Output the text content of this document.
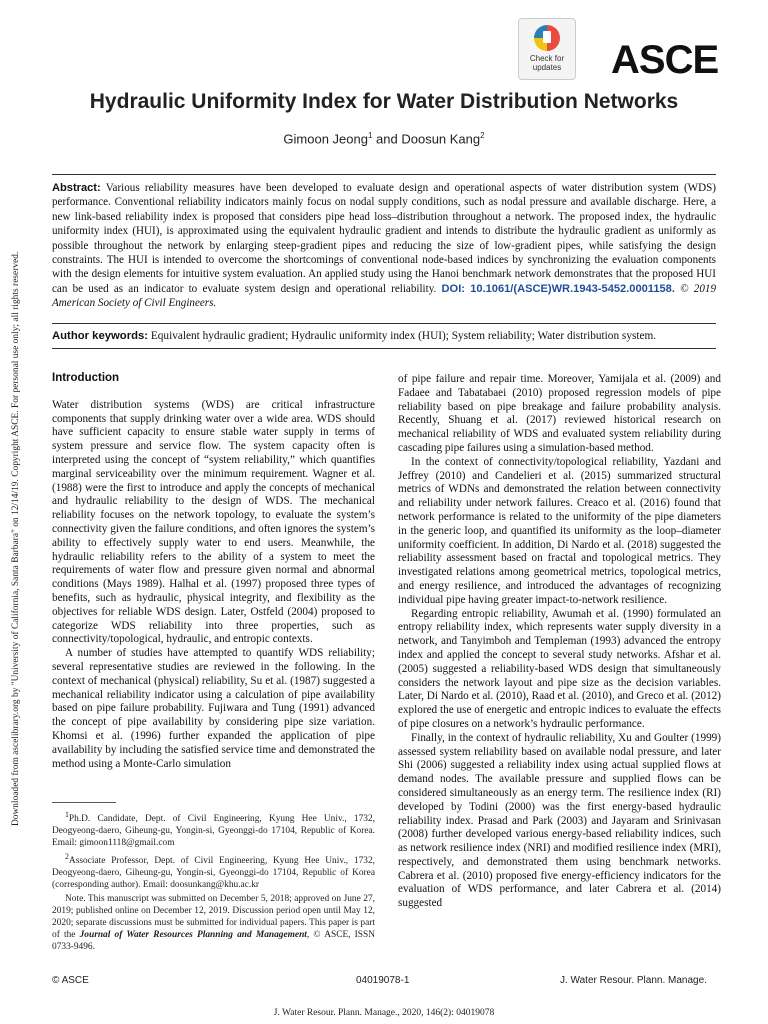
Downloaded from ascelibrary.org by "University of California, Santa Barbara" on 12/14/19. Copyright ASCE. For personal use only; all rights reserved.
Check for
updates	ASCE
Hydraulic Uniformity Index for Water Distribution Networks
Gimoon Jeong$^1$ and Doosun Kang$^2$

Abstract: Various reliability measures have been developed to evaluate design and operational aspects of water distribution system (WDS) performance. Conventional reliability indicators mainly focus on nodal supply conditions, such as nodal pressure and available discharge. Here, a new link-based reliability index is proposed that considers pipe head loss–distribution throughout a network. The proposed index, the hydraulic uniformity index (HUI), is approximated using the equivalent hydraulic gradient and intends to distribute the hydraulic gradient as uniformly as possible throughout the network by enlarging steep-gradient pipes and reducing the size of low-gradient pipes, while satisfying the design constraints. The HUI is intended to overcome the shortcomings of conventional node-based indices by synchronizing the evaluation components with the design elements for intuitive system evaluation. An applied study using the Hanoi benchmark network demonstrates that the proposed HUI can be used as an indicator to evaluate system design and operational reliability. DOI: 10.1061/(ASCE)WR.1943-5452.0001158. © 2019 American Society of Civil Engineers.

Author keywords: Equivalent hydraulic gradient; Hydraulic uniformity index (HUI); System reliability; Water distribution system.

Introduction

Water distribution systems (WDS) are critical infrastructure components that supply drinking water over a wide area. WDS should have sufficient capacity to ensure stable water supply in terms of system pressure and service flow. The system capacity often is interpreted using the concept of “system reliability,” which quantifies marginal serviceability over the minimum requirement. Wagner et al. (1988) were the first to introduce and apply the concepts of mechanical and hydraulic reliability to the design of WDS. The mechanical reliability focuses on the network topology, to evaluate the system’s connectivity given the failure conditions, and often ignores the system’s ability to effectively supply water to end users. Meanwhile, the hydraulic reliability refers to the ability of a system to meet the requirements of water flow and pressure given normal and abnormal conditions (Mays 1989). Halhal et al. (1997) proposed three types of benefits, such as hydraulic, physical integrity, and flexibility as the objectives for reliable WDS design. Later, Ostfeld (2004) proposed to categorize WDS reliability into three properties, such as connectivity/topological, hydraulic, and entropic contexts.

A number of studies have attempted to quantify WDS reliability; several representative studies are reviewed in the following. In the context of mechanical (physical) reliability, Su et al. (1987) suggested a mechanical reliability indicator using a calculation of pipe availability based on pipe failure probability. Fujiwara and Tung (1991) advanced the concept of pipe availability by considering pipe size variation. Khomsi et al. (1996) further expanded the application of pipe availability by including the satisfied service time and demonstrated the method using a Monte-Carlo simulation

$^1$Ph.D. Candidate, Dept. of Civil Engineering, Kyung Hee Univ., 1732, Deogyeong-daero, Giheung-gu, Yongin-si, Gyeonggi-do 17104, Republic of Korea. Email: gimoon1118@gmail.com

$^2$Associate Professor, Dept. of Civil Engineering, Kyung Hee Univ., 1732, Deogyeong-daero, Giheung-gu, Yongin-si, Gyeonggi-do 17104, Republic of Korea (corresponding author). Email: doosunkang@khu.ac.kr

Note. This manuscript was submitted on December 5, 2018; approved on June 27, 2019; published online on December 12, 2019. Discussion period open until May 12, 2020; separate discussions must be submitted for individual papers. This paper is part of the Journal of Water Resources Planning and Management, © ASCE, ISSN 0733-9496.

of pipe failure and repair time. Moreover, Yamijala et al. (2009) and Fadaee and Tabatabaei (2010) proposed regression models of pipe reliability based on pipe breakage and failure probability analysis. Recently, Shuang et al. (2017) reviewed historical research on mechanical reliability of WDS and evaluated system reliability during cascading pipe failures using a simulation-based method.

In the context of connectivity/topological reliability, Yazdani and Jeffrey (2010) and Candelieri et al. (2015) summarized structural metrics of WDNs and demonstrated the relation between connectivity and reliability under network failures. Creaco et al. (2016) found that network performance is related to the uniformity of the pipe diameters in the generic loop, and quantified its uniformity as the loop–diameter uniformity coefficient. In addition, Di Nardo et al. (2018) suggested the reliability assessment based on fractal and topological metrics. They investigated relations among geometrical metrics, topological metrics, and energy resilience, and introduced the advantages of recognizing individual pipe having greater impact-to-network resilience.

Regarding entropic reliability, Awumah et al. (1990) formulated an entropy reliability index, which represents water supply diversity in a network, and Tanyimboh and Templeman (1993) advanced the entropy index and applied the concept to several study networks. Afshar et al. (2005) suggested a reliability-based WDS design that simultaneously considers the network layout and pipe size as the decision variables. Later, Di Nardo et al. (2010), Raad et al. (2010), and Greco et al. (2012) explored the use of energetic and entropic indices to evaluate the effects of pipe closures on a network’s hydraulic performance.

Finally, in the context of hydraulic reliability, Xu and Goulter (1999) assessed system reliability based on available nodal pressure, and later Shi (2006) suggested a reliability index using actual supplied flows at demand nodes. The available pressure and supplied flows can be considered simultaneously as an energy term. The resilience index (RI) developed by Todini (2000) was the first energy-based hydraulic reliability index. Prasad and Park (2003) and Jayaram and Srinivasan (2008) further developed various energy-based reliability indices, such as network resilience index (NRI) and modified resilience index (MRI), respectively, and demonstrated them using benchmark networks. Cabrera et al. (2010) proposed five energy-efficiency indicators for the evaluation of WDS performance, and later Cabrera et al. (2014) suggested

© ASCE	04019078-1	J. Water Resour. Plann. Manage.
J. Water Resour. Plann. Manage., 2020, 146(2): 04019078
